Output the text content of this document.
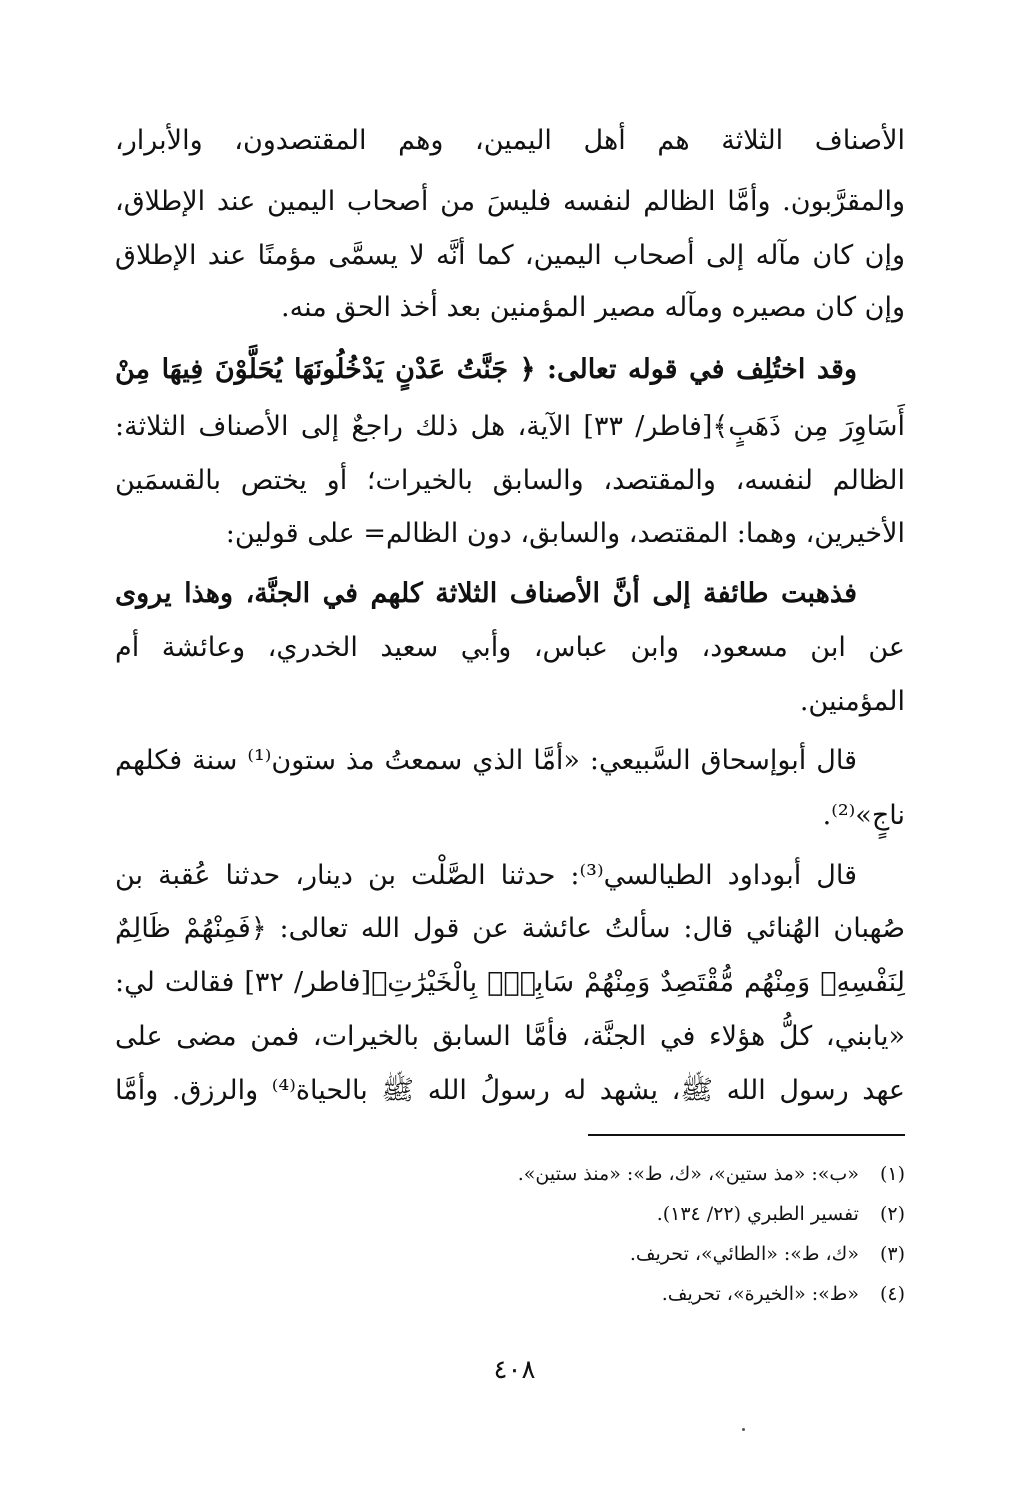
الأصناف الثلاثة هم أهل اليمين، وهم المقتصدون، والأبرار،
والمقرَّبون. وأمَّا الظالم لنفسه فليسَ من أصحاب اليمين عند الإطلاق،
وإن كان مآله إلى أصحاب اليمين، كما أنَّه لا يسمَّى مؤمنًا عند الإطلاق
وإن كان مصيره ومآله مصير المؤمنين بعد أخذ الحق منه.
وقد اختُلِف في قوله تعالى: ﴿ جَنَّتُ عَدْنٍ يَدْخُلُونَهَا يُحَلَّوْنَ فِيهَا مِنْ
أَسَاوِرَ مِن ذَهَبٍ﴾[فاطر/ ٣٣] الآية، هل ذلك راجعٌ إلى الأصناف الثلاثة:
الظالم لنفسه، والمقتصد، والسابق بالخيرات؛ أو يختص بالقسمَين
الأخيرين، وهما: المقتصد، والسابق، دون الظالم= على قولين:
فذهبت طائفة إلى أنَّ الأصناف الثلاثة كلهم في الجنَّة، وهذا يروى
عن ابن مسعود، وابن عباس، وأبي سعيد الخدري، وعائشة أم
المؤمنين.
قال أبوإسحاق السَّبيعي: «أمَّا الذي سمعتُ مذ ستون⁽¹⁾ سنة فكلهم
ناجٍ»⁽²⁾.
قال أبوداود الطيالسي⁽³⁾: حدثنا الصَّلْت بن دينار، حدثنا عُقبة بن
صُهبان الهُنائي قال: سألتُ عائشة عن قول الله تعالى: ﴿فَمِنْهُمْ ظَالِمٌ
لِنَفْسِهِۦ وَمِنْهُم مُّقْتَصِدٌ وَمِنْهُمْ سَابِقٌۢ بِالْخَيْرَٰتِ﴾[فاطر/ ٣٢] فقالت لي:
«يابني، كلُّ هؤلاء في الجنَّة، فأمَّا السابق بالخيرات، فمن مضى على
عهد رسول الله ﷺ، يشهد له رسولُ الله ﷺ بالحياة⁽⁴⁾ والرزق. وأمَّا
(١) «ب»: «مذ ستين»، «ك، ط»: «منذ ستين».
(٢) تفسير الطبري (٢٢/ ١٣٤).
(٣) «ك، ط»: «الطائي»، تحريف.
(٤) «ط»: «الخيرة»، تحريف.
٤٠٨
